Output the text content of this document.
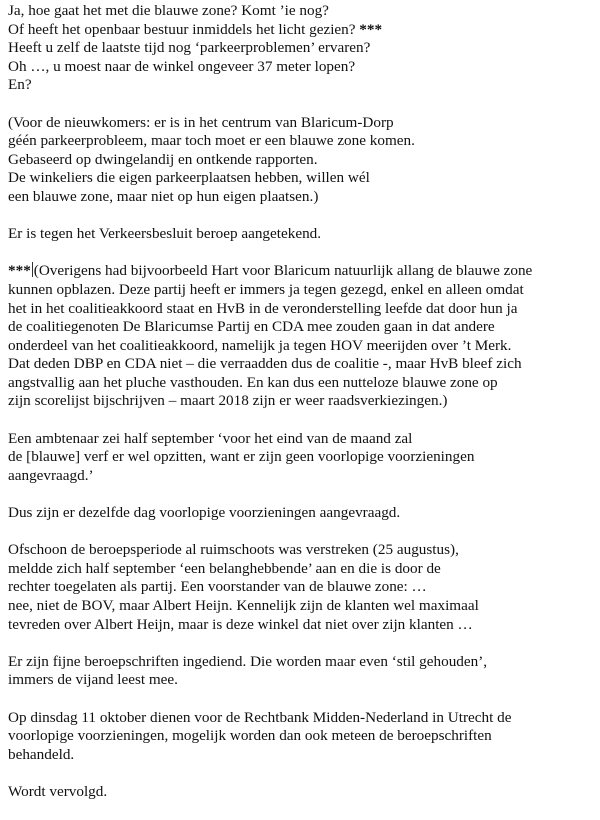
Ja, hoe gaat het met die blauwe zone? Komt ’ie nog?
Of heeft het openbaar bestuur inmiddels het licht gezien? ***
Heeft u zelf de laatste tijd nog ‘parkeerproblemen’ ervaren?
Oh …, u moest naar de winkel ongeveer 37 meter lopen?
En?
(Voor de nieuwkomers: er is in het centrum van Blaricum-Dorp
géén parkeerprobleem, maar toch moet er een blauwe zone komen.
Gebaseerd op dwingelandij en ontkende rapporten.
De winkeliers die eigen parkeerplaatsen hebben, willen wél
een blauwe zone, maar niet op hun eigen plaatsen.)
Er is tegen het Verkeersbesluit beroep aangetekend.
*** (Overigens had bijvoorbeeld Hart voor Blaricum natuurlijk allang de blauwe zone
kunnen opblazen. Deze partij heeft er immers ja tegen gezegd, enkel en alleen omdat
het in het coalitieakkoord staat en HvB in de veronderstelling leefde dat door hun ja
de coalitiegenoten De Blaricumse Partij en CDA mee zouden gaan in dat andere
onderdeel van het coalitieakkoord, namelijk ja tegen HOV meerijden over ’t Merk.
Dat deden DBP en CDA niet – die verraadden dus de coalitie -, maar HvB bleef zich
angstvallig aan het pluche vasthouden. En kan dus een nutteloze blauwe zone op
zijn scorelijst bijschrijven – maart 2018 zijn er weer raadsverkiezingen.)
Een ambtenaar zei half september ‘voor het eind van de maand zal
de [blauwe] verf er wel opzitten, want er zijn geen voorlopige voorzieningen
aangevraagd.’
Dus zijn er dezelfde dag voorlopige voorzieningen aangevraagd.
Ofschoon de beroepsperiode al ruimschoots was verstreken (25 augustus),
meldde zich half september ‘een belanghebbende’ aan en die is door de
rechter toegelaten als partij. Een voorstander van de blauwe zone: …
nee, niet de BOV, maar Albert Heijn. Kennelijk zijn de klanten wel maximaal
tevreden over Albert Heijn, maar is deze winkel dat niet over zijn klanten …
Er zijn fijne beroepschriften ingediend. Die worden maar even ‘stil gehouden’,
immers de vijand leest mee.
Op dinsdag 11 oktober dienen voor de Rechtbank Midden-Nederland in Utrecht de
voorlopige voorzieningen, mogelijk worden dan ook meteen de beroepschriften
behandeld.
Wordt vervolgd.
